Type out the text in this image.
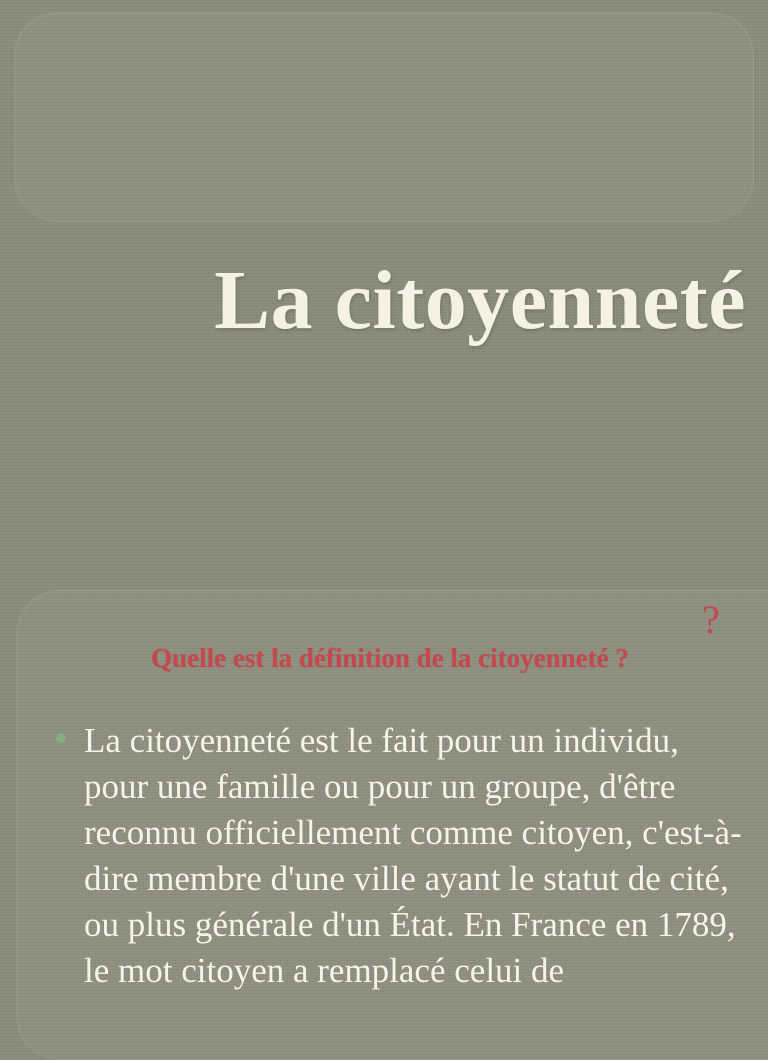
La citoyenneté
?
Quelle est la définition de la citoyenneté ?

La citoyenneté est le fait pour un individu, pour une famille ou pour un groupe, d'être reconnu officiellement comme citoyen, c'est-à-dire membre d'une ville ayant le statut de cité, ou plus générale d'un État. En France en 1789, le mot citoyen a remplacé celui de
